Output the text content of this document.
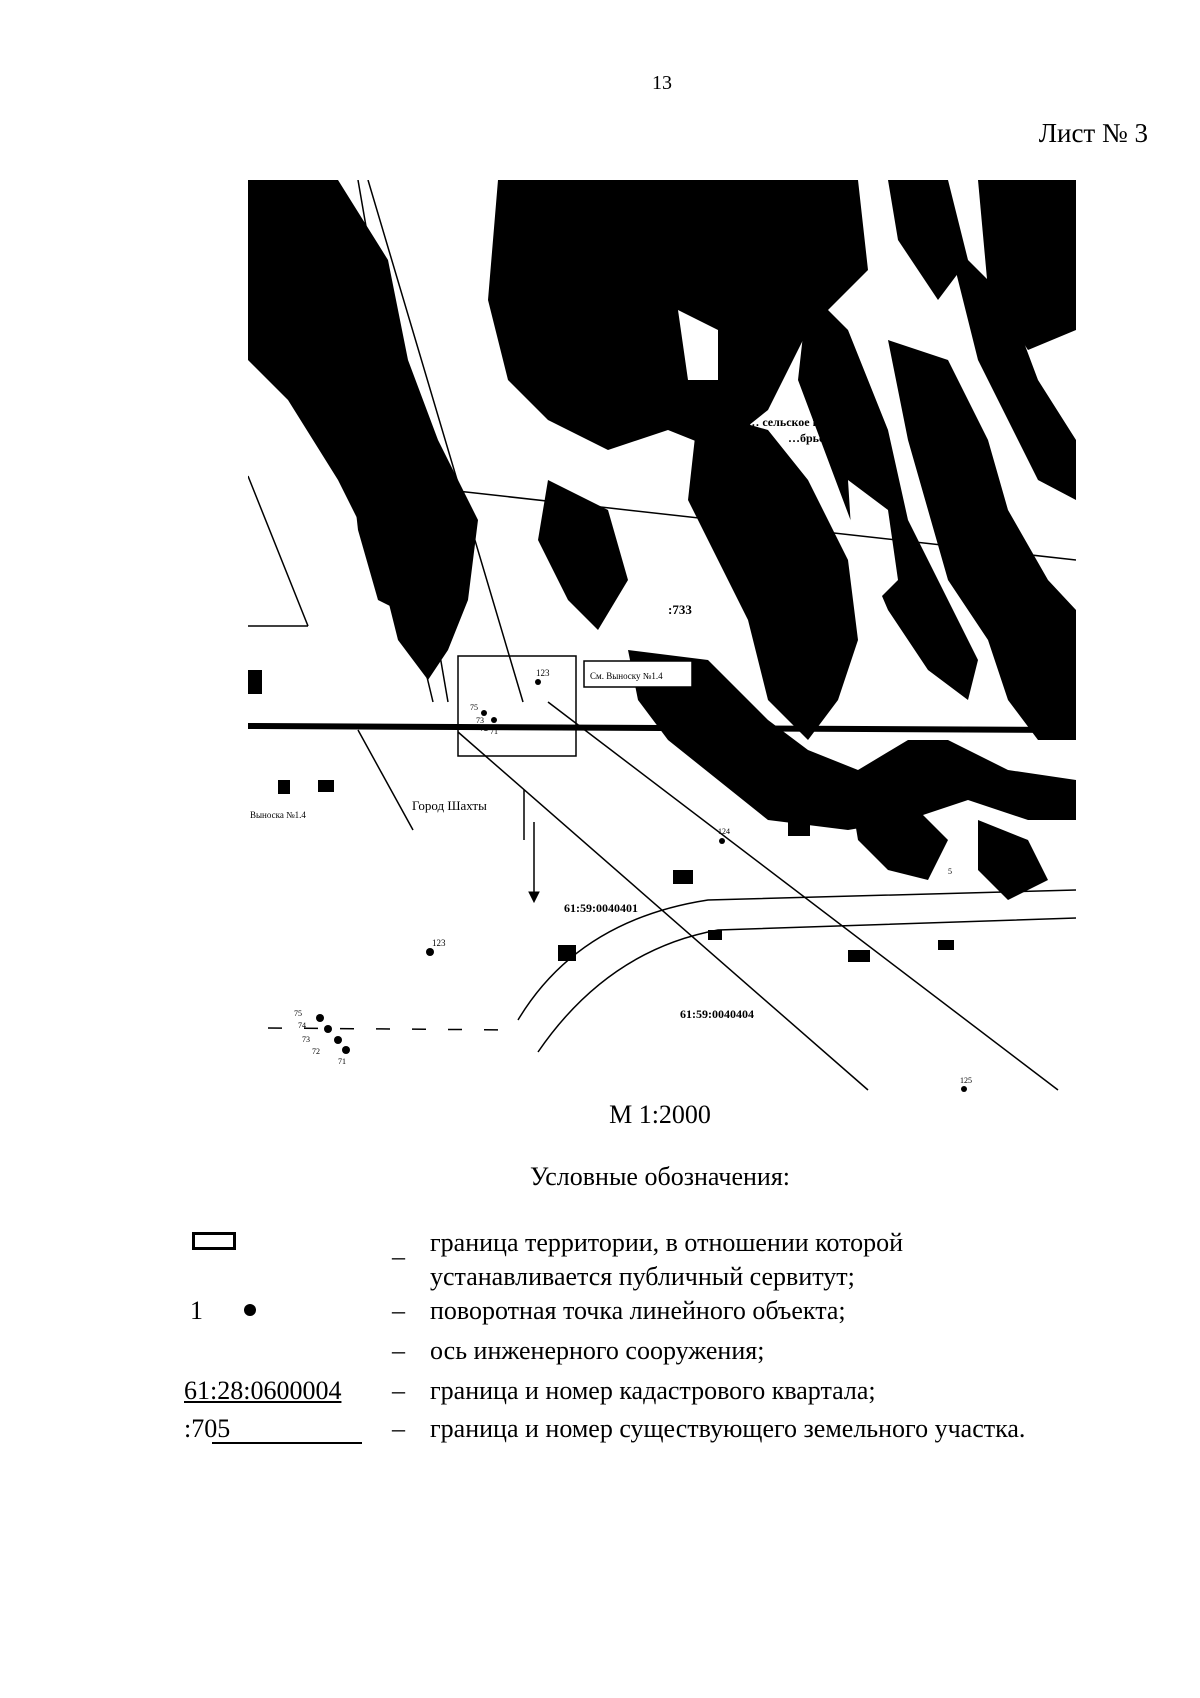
13
Лист № 3
"А… сельское поселение"
…брьского…
61:2…
:733
См. Выноску №1.4
Город Шахты
Выноска №1.4
61:59:0040401
61:59:0040404
76
123
75
73
72 71
124
125
5
123
75
74
73
72
71
М 1:2000
Условные обозначения:
– граница территории, в отношении которой
устанавливается публичный сервитут;
1	– поворотная точка линейного объекта;
– ось инженерного сооружения;
61:28:0600004 – граница и номер кадастрового квартала;
:705	– граница и номер существующего земельного участка.
